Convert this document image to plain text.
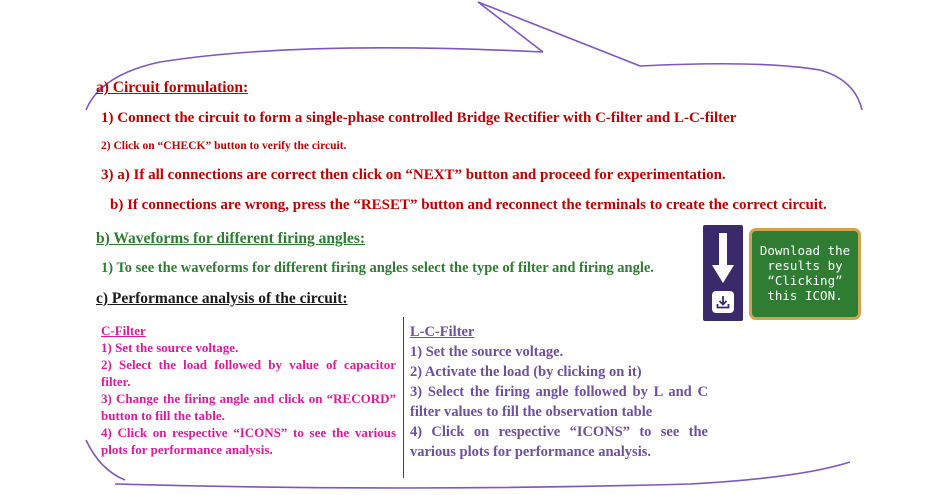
a) Circuit formulation:
1) Connect the circuit to form a single-phase controlled Bridge Rectifier with C-filter and L-C-filter
2) Click on “CHECK” button to verify the circuit.
3) a) If all connections are correct then click on “NEXT” button and proceed for experimentation.
b) If connections are wrong, press the “RESET” button and reconnect the terminals to create the correct circuit.
b) Waveforms for different firing angles:
1) To see the waveforms for different firing angles select the type of filter and firing angle.
c) Performance analysis of the circuit:

C-Filter

1) Set the source voltage.

2) Select the load followed by value of capacitor filter.

3) Change the firing angle and click on “RECORD” button to fill the table.

4) Click on respective “ICONS” to see the various plots for performance analysis.

L-C-Filter

1) Set the source voltage.

2) Activate the load (by clicking on it)

3) Select the firing angle followed by L and C filter values to fill the observation table

4) Click on respective “ICONS” to see the various plots for performance analysis.

Download the
results by
“Clicking”
this ICON.
